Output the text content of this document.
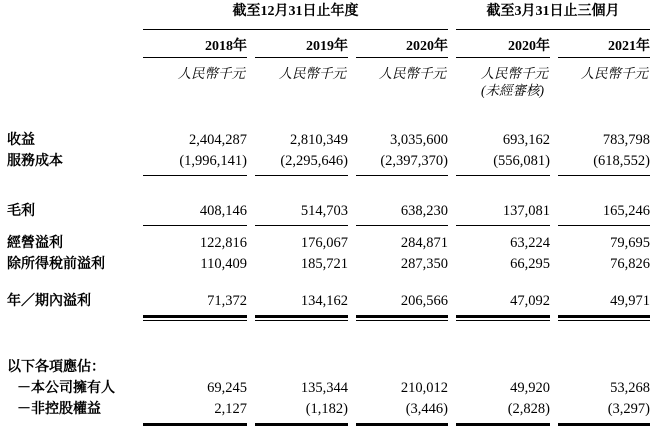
截至12月31日止年度	截至3月31日止三個月
2018年	2019年	2020年	2020年	2021年
人民幣千元	人民幣千元	人民幣千元	人民幣千元	人民幣千元
(未經審核)
收益	2,404,287	2,810,349	3,035,600	693,162	783,798
服務成本	(1,996,141)	(2,295,646)	(2,397,370)	(556,081)	(618,552)
毛利	408,146	514,703	638,230	137,081	165,246
經營溢利	122,816	176,067	284,871	63,224	79,695
除所得稅前溢利	110,409	185,721	287,350	66,295	76,826
年／期內溢利	71,372	134,162	206,566	47,092	49,971
以下各項應佔：
－本公司擁有人	69,245	135,344	210,012	49,920	53,268
－非控股權益	2,127	(1,182)	(3,446)	(2,828)	(3,297)
